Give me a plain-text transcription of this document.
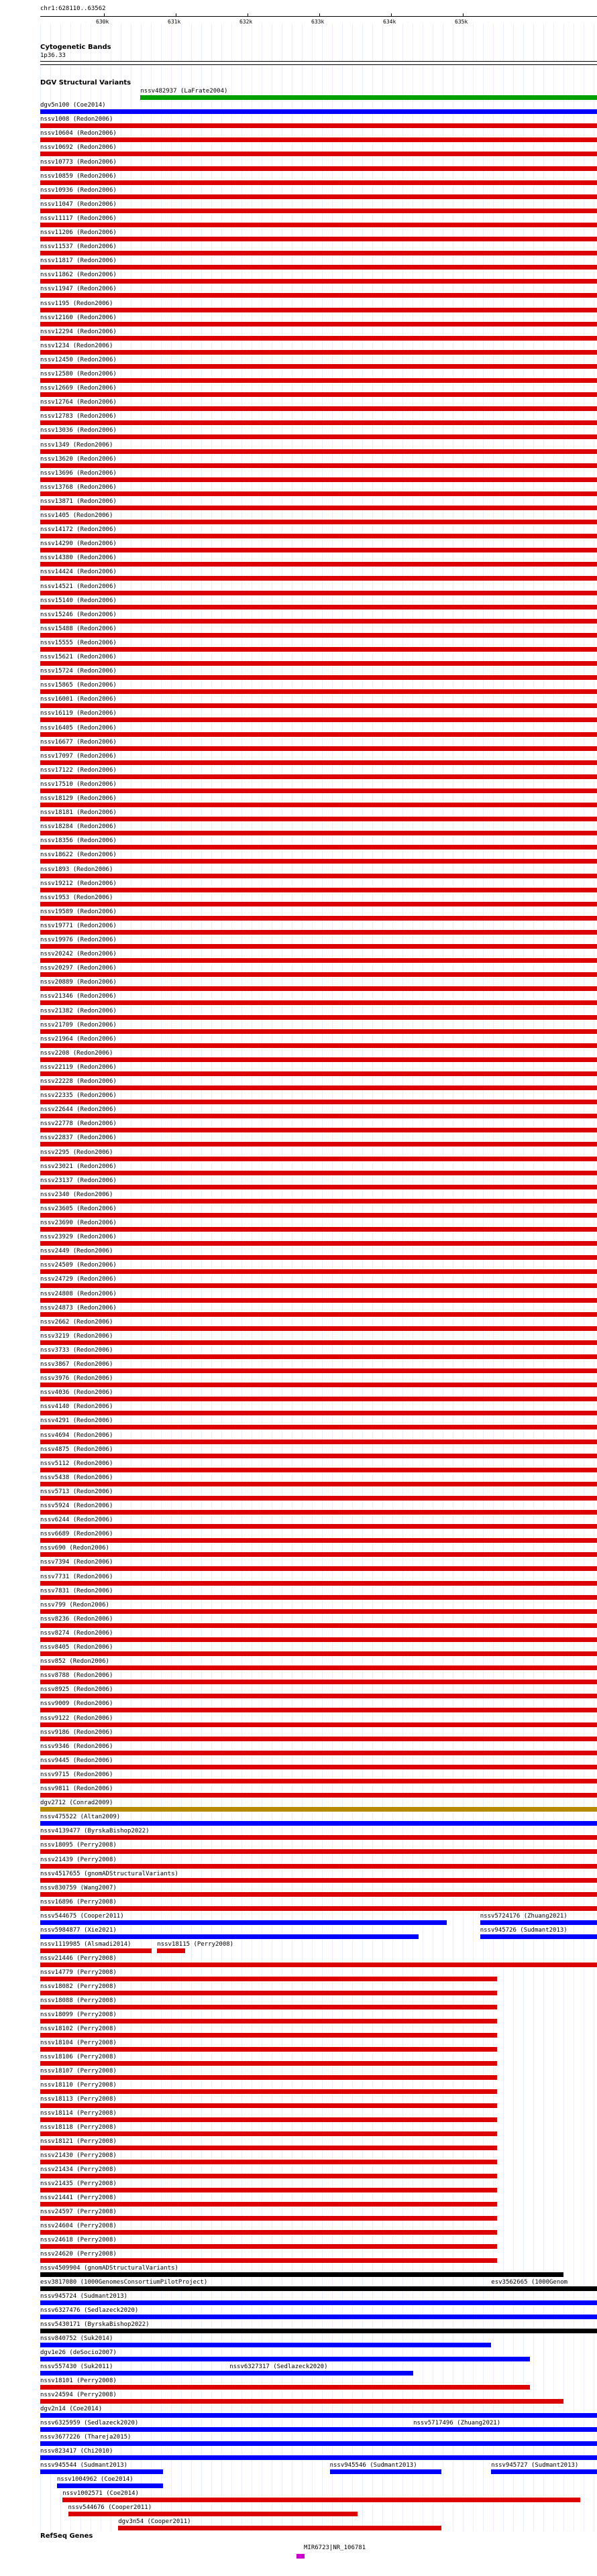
chr1:628110..63562
630k	631k	632k	633k	634k	635k
Cytogenetic Bands
1p36.33
DGV Structural Variants
nssv482937 (LaFrate2004)
dgv5n100 (Coe2014)
nssv1008 (Redon2006)
nssv10604 (Redon2006)
nssv10692 (Redon2006)
nssv10773 (Redon2006)
nssv10859 (Redon2006)
nssv10936 (Redon2006)
nssv11047 (Redon2006)
nssv11117 (Redon2006)
nssv11206 (Redon2006)
nssv11537 (Redon2006)
nssv11817 (Redon2006)
nssv11862 (Redon2006)
nssv11947 (Redon2006)
nssv1195 (Redon2006)
nssv12160 (Redon2006)
nssv12294 (Redon2006)
nssv1234 (Redon2006)
nssv12450 (Redon2006)
nssv12580 (Redon2006)
nssv12669 (Redon2006)
nssv12764 (Redon2006)
nssv12783 (Redon2006)
nssv13036 (Redon2006)
nssv1349 (Redon2006)
nssv13620 (Redon2006)
nssv13696 (Redon2006)
nssv13768 (Redon2006)
nssv13871 (Redon2006)
nssv1405 (Redon2006)
nssv14172 (Redon2006)
nssv14290 (Redon2006)
nssv14380 (Redon2006)
nssv14424 (Redon2006)
nssv14521 (Redon2006)
nssv15140 (Redon2006)
nssv15246 (Redon2006)
nssv15488 (Redon2006)
nssv15555 (Redon2006)
nssv15621 (Redon2006)
nssv15724 (Redon2006)
nssv15865 (Redon2006)
nssv16001 (Redon2006)
nssv16119 (Redon2006)
nssv16405 (Redon2006)
nssv16677 (Redon2006)
nssv17097 (Redon2006)
nssv17122 (Redon2006)
nssv17510 (Redon2006)
nssv18129 (Redon2006)
nssv18181 (Redon2006)
nssv18284 (Redon2006)
nssv18356 (Redon2006)
nssv18622 (Redon2006)
nssv1893 (Redon2006)
nssv19212 (Redon2006)
nssv1953 (Redon2006)
nssv19589 (Redon2006)
nssv19771 (Redon2006)
nssv19976 (Redon2006)
nssv20242 (Redon2006)
nssv20297 (Redon2006)
nssv20889 (Redon2006)
nssv21346 (Redon2006)
nssv21382 (Redon2006)
nssv21709 (Redon2006)
nssv21964 (Redon2006)
nssv2208 (Redon2006)
nssv22119 (Redon2006)
nssv22228 (Redon2006)
nssv22335 (Redon2006)
nssv22644 (Redon2006)
nssv22778 (Redon2006)
nssv22837 (Redon2006)
nssv2295 (Redon2006)
nssv23021 (Redon2006)
nssv23137 (Redon2006)
nssv2340 (Redon2006)
nssv23605 (Redon2006)
nssv23690 (Redon2006)
nssv23929 (Redon2006)
nssv2449 (Redon2006)
nssv24509 (Redon2006)
nssv24729 (Redon2006)
nssv24808 (Redon2006)
nssv24873 (Redon2006)
nssv2662 (Redon2006)
nssv3219 (Redon2006)
nssv3733 (Redon2006)
nssv3867 (Redon2006)
nssv3976 (Redon2006)
nssv4036 (Redon2006)
nssv4140 (Redon2006)
nssv4291 (Redon2006)
nssv4694 (Redon2006)
nssv4875 (Redon2006)
nssv5112 (Redon2006)
nssv5438 (Redon2006)
nssv5713 (Redon2006)
nssv5924 (Redon2006)
nssv6244 (Redon2006)
nssv6689 (Redon2006)
nssv690 (Redon2006)
nssv7394 (Redon2006)
nssv7731 (Redon2006)
nssv7831 (Redon2006)
nssv799 (Redon2006)
nssv8236 (Redon2006)
nssv8274 (Redon2006)
nssv8405 (Redon2006)
nssv852 (Redon2006)
nssv8788 (Redon2006)
nssv8925 (Redon2006)
nssv9009 (Redon2006)
nssv9122 (Redon2006)
nssv9186 (Redon2006)
nssv9346 (Redon2006)
nssv9445 (Redon2006)
nssv9715 (Redon2006)
nssv9811 (Redon2006)
dgv2712 (Conrad2009)
nssv475522 (Altan2009)
nssv4139477 (ByrskaBishop2022)
nssv18095 (Perry2008)
nssv21439 (Perry2008)
nssv4517655 (gnomADStructuralVariants)
nssv830759 (Wang2007)
nssv16896 (Perry2008)
nssv544675 (Cooper2011)	nssv5724176 (Zhuang2021)
nssv5984877 (Xie2021)	nssv945726 (Sudmant2013)
nssv1119985 (Alsmadi2014)	nssv18115 (Perry2008)
nssv21446 (Perry2008)
nssv14779 (Perry2008)
nssv18082 (Perry2008)
nssv18088 (Perry2008)
nssv18099 (Perry2008)
nssv18102 (Perry2008)
nssv18104 (Perry2008)
nssv18106 (Perry2008)
nssv18107 (Perry2008)
nssv18110 (Perry2008)
nssv18113 (Perry2008)
nssv18114 (Perry2008)
nssv18118 (Perry2008)
nssv18121 (Perry2008)
nssv21430 (Perry2008)
nssv21434 (Perry2008)
nssv21435 (Perry2008)
nssv21441 (Perry2008)
nssv24597 (Perry2008)
nssv24604 (Perry2008)
nssv24618 (Perry2008)
nssv24620 (Perry2008)
nssv4509904 (gnomADStructuralVariants)
esv3817080 (1000GenomesConsortiumPilotProject)	esv3562665 (1000Genom
nssv945724 (Sudmant2013)
nssv6327476 (Sedlazeck2020)
nssv5430171 (ByrskaBishop2022)
nssv840752 (Suk2014)
dgv1e26 (deSocio2007)
nssv557430 (Suk2011)	nssv6327317 (Sedlazeck2020)
nssv18101 (Perry2008)
nssv24594 (Perry2008)
dgv2n14 (Coe2014)
nssv6325959 (Sedlazeck2020)	nssv5717496 (Zhuang2021)
nssv3677226 (Thareja2015)
nssv823417 (Chi2010)
nssv945544 (Sudmant2013)	nssv945546 (Sudmant2013)	nssv945727 (Sudmant2013)
nssv1004962 (Coe2014)
nssv1002571 (Coe2014)
nssv544676 (Cooper2011)
dgv3n54 (Cooper2011)
RefSeq Genes
MIR6723|NR_106781
